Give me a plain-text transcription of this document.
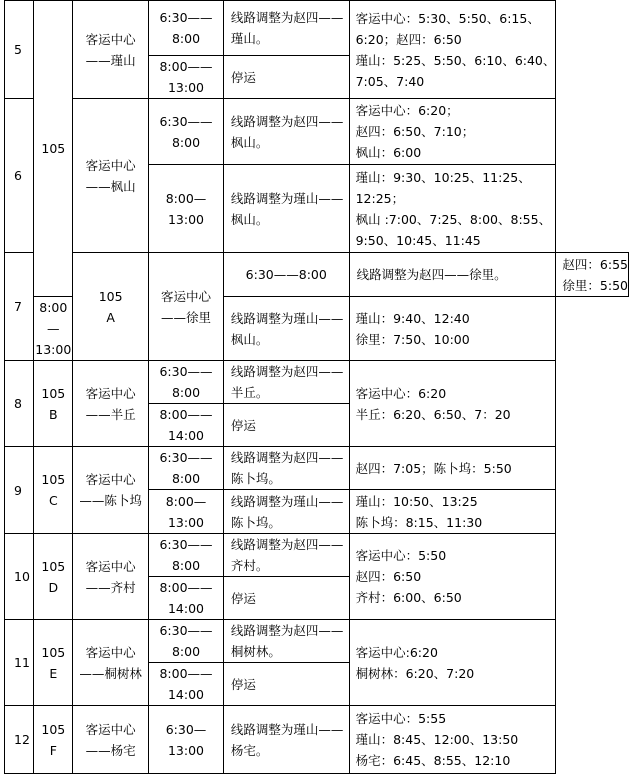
5	105	客运中心
——瑾山	6:30——8:00	线路调整为赵四——瑾山。	客运中心：5:30、5:50、6:15、
6:20；赵四：6:50
瑾山：5:25、5:50、6:10、6:40、
7:05、7:40	

			8:00——13:00	停运		
6		客运中心
——枫山	6:30——8:00	线路调整为赵四——枫山。	客运中心：6:20；
赵四：6:50、7:10；
枫山：6:00	

			8:00—13:00	线路调整为瑾山——枫山。	瑾山：9:30、10:25、11:25、
12:25；
枫山 :7:00、7:25、8:00、8:55、
9:50、10:45、11:45	

7		105
A	客运中心
——徐里	6:30——8:00	线路调整为赵四——徐里。	赵四：6:55
徐里：5:50

	8:00—13:00			线路调整为瑾山——枫山。	瑾山：9:40、12:40
徐里：7:50、10:00	

8	105
B	客运中心
——半丘	6:30——8:00	线路调整为赵四——半丘。	客运中心：6:20
半丘：6:20、6:50、7：20	

			8:00——14:00	停运		
9	105
C	客运中心
——陈卜坞	6:30——8:00	线路调整为赵四——陈卜坞。	赵四：7:05；陈卜坞：5:50	
			8:00—13:00	线路调整为瑾山——陈卜坞。	瑾山：10:50、13:25
陈卜坞：8:15、11:30	

10	105
D	客运中心
——齐村	6:30——8:00	线路调整为赵四——齐村。	客运中心：5:50
赵四：6:50
齐村：6:00、6:50	

			8:00——14:00	停运		
11	105
E	客运中心
——桐树林	6:30——8:00	线路调整为赵四——桐树林。	客运中心:6:20
桐树林：6:20、7:20	

			8:00——14:00	停运		
12	105
F	客运中心
——杨宅	6:30—13:00	线路调整为瑾山——杨宅。	客运中心：5:55
瑾山：8:45、12:00、13:50
杨宅：6:45、8:55、12:10	
